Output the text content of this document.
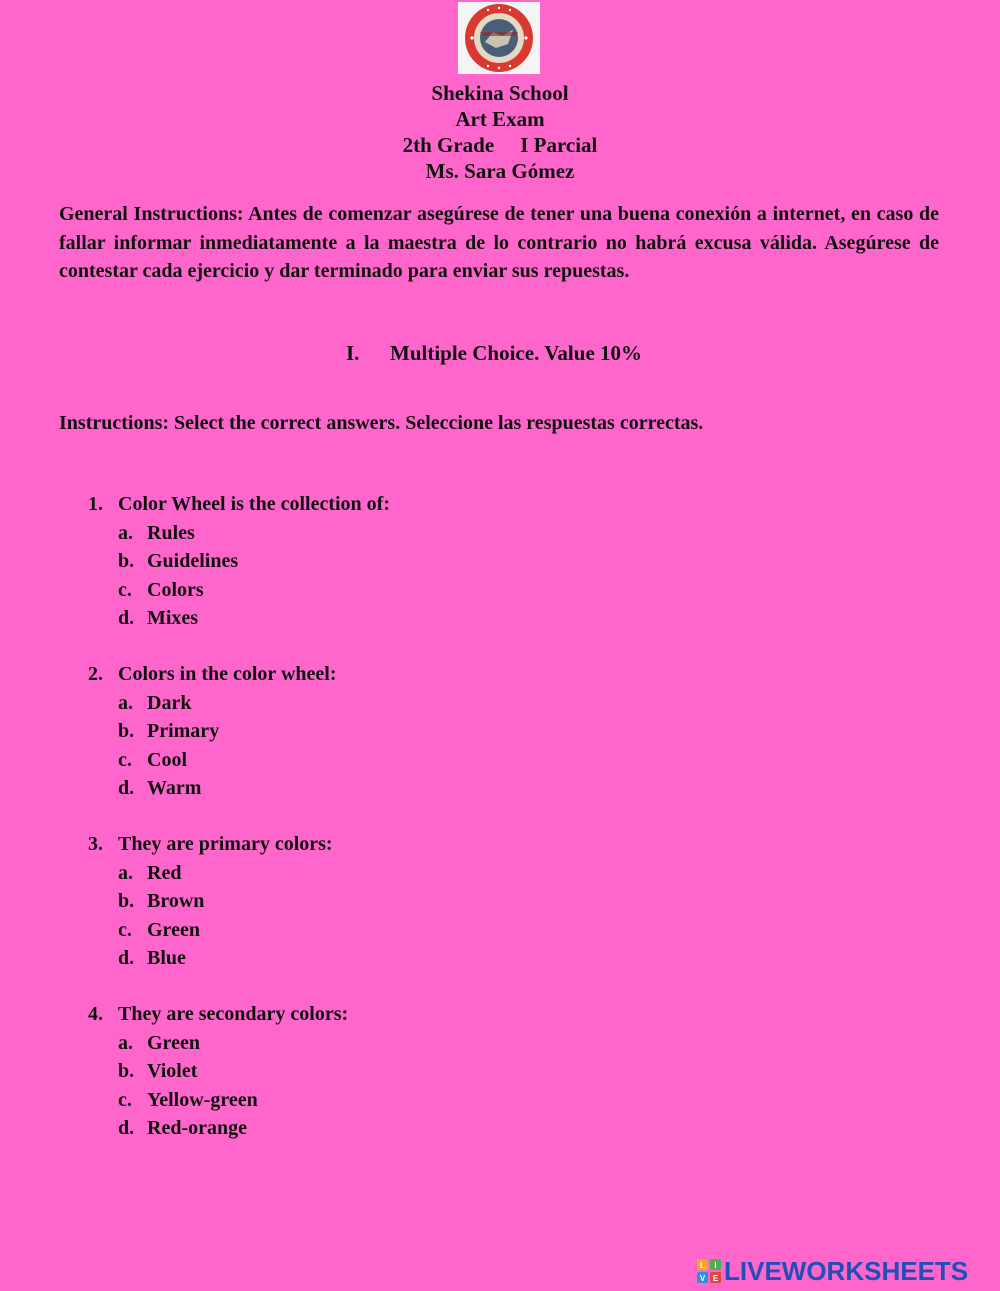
Shekina School
Art Exam
2th Grade I Parcial
Ms. Sara Gómez
General Instructions: Antes de comenzar asegúrese de tener una buena conexión a internet, en caso de fallar informar inmediatamente a la maestra de lo contrario no habrá excusa válida. Asegúrese de contestar cada ejercicio y dar terminado para enviar sus repuestas.
I. Multiple Choice. Value 10%
Instructions: Select the correct answers. Seleccione las respuestas correctas.
1. Color Wheel is the collection of:
a. Rules
b. Guidelines
c. Colors
d. Mixes
2. Colors in the color wheel:
a. Dark
b. Primary
c. Cool
d. Warm
3. They are primary colors:
a. Red
b. Brown
c. Green
d. Blue
4. They are secondary colors:
a. Green
b. Violet
c. Yellow-green
d. Red-orange
L I
V E LIVEWORKSHEETS
